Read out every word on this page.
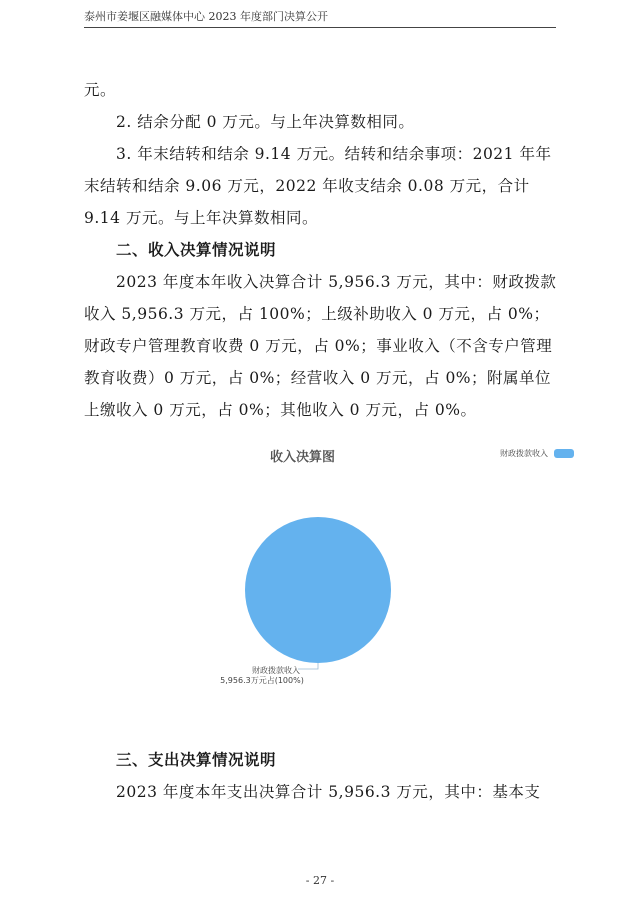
泰州市姜堰区融媒体中心 2023 年度部门决算公开

元。

2. 结余分配 0 万元。与上年决算数相同。

3. 年末结转和结余 9.14 万元。结转和结余事项：2021 年年末结转和结余 9.06 万元，2022 年收支结余 0.08 万元，合计 9.14 万元。与上年决算数相同。

二、收入决算情况说明

2023 年度本年收入决算合计 5,956.3 万元，其中：财政拨款收入 5,956.3 万元，占 100%；上级补助收入 0 万元，占 0%；财政专户管理教育收费 0 万元，占 0%；事业收入（不含专户管理教育收费）0 万元，占 0%；经营收入 0 万元，占 0%；附属单位上缴收入 0 万元，占 0%；其他收入 0 万元，占 0%。

收入决算图	财政拨款收入
财政拨款收入
5,956.3万元占(100%)

三、支出决算情况说明

2023 年度本年支出决算合计 5,956.3 万元，其中：基本支

- 27 -
